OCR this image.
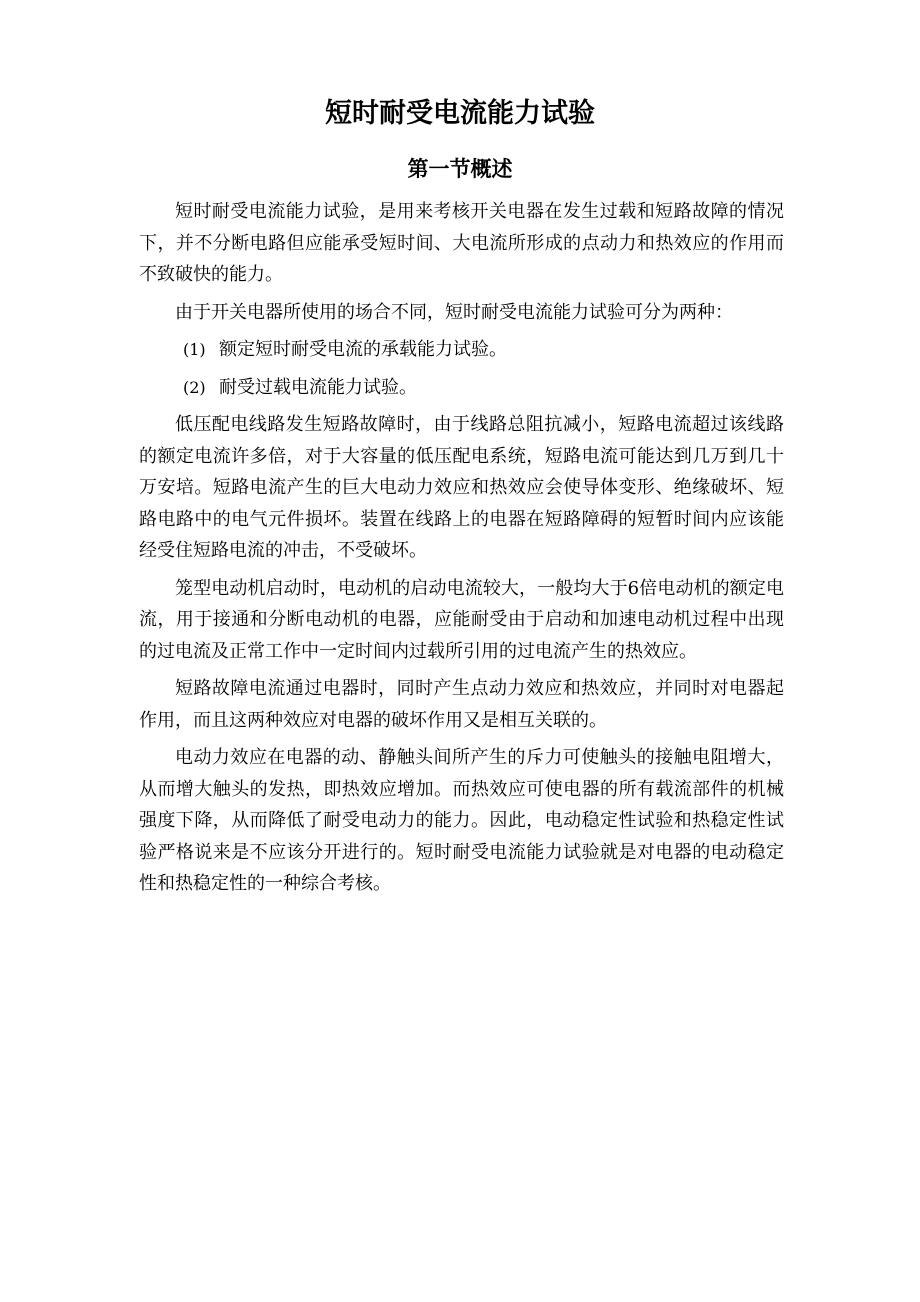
短时耐受电流能力试验
第一节概述

短时耐受电流能力试验，是用来考核开关电器在发生过载和短路故障的情况下，并不分断电路但应能承受短时间、大电流所形成的点动力和热效应的作用而不致破快的能力。

由于开关电器所使用的场合不同，短时耐受电流能力试验可分为两种：

(1) 额定短时耐受电流的承载能力试验。
(2) 耐受过载电流能力试验。

低压配电线路发生短路故障时，由于线路总阻抗减小，短路电流超过该线路的额定电流许多倍，对于大容量的低压配电系统，短路电流可能达到几万到几十万安培。短路电流产生的巨大电动力效应和热效应会使导体变形、绝缘破坏、短路电路中的电气元件损坏。装置在线路上的电器在短路障碍的短暂时间内应该能经受住短路电流的冲击，不受破坏。

笼型电动机启动时，电动机的启动电流较大，一般均大于6倍电动机的额定电流，用于接通和分断电动机的电器，应能耐受由于启动和加速电动机过程中出现的过电流及正常工作中一定时间内过载所引用的过电流产生的热效应。

短路故障电流通过电器时，同时产生点动力效应和热效应，并同时对电器起作用，而且这两种效应对电器的破坏作用又是相互关联的。

电动力效应在电器的动、静触头间所产生的斥力可使触头的接触电阻增大， 从而增大触头的发热，即热效应增加。而热效应可使电器的所有载流部件的机械 强度下降，从而降低了耐受电动力的能力。因此，电动稳定性试验和热稳定性试 验严格说来是不应该分开进行的。短时耐受电流能力试验就是对电器的电动稳定 性和热稳定性的一种综合考核。
